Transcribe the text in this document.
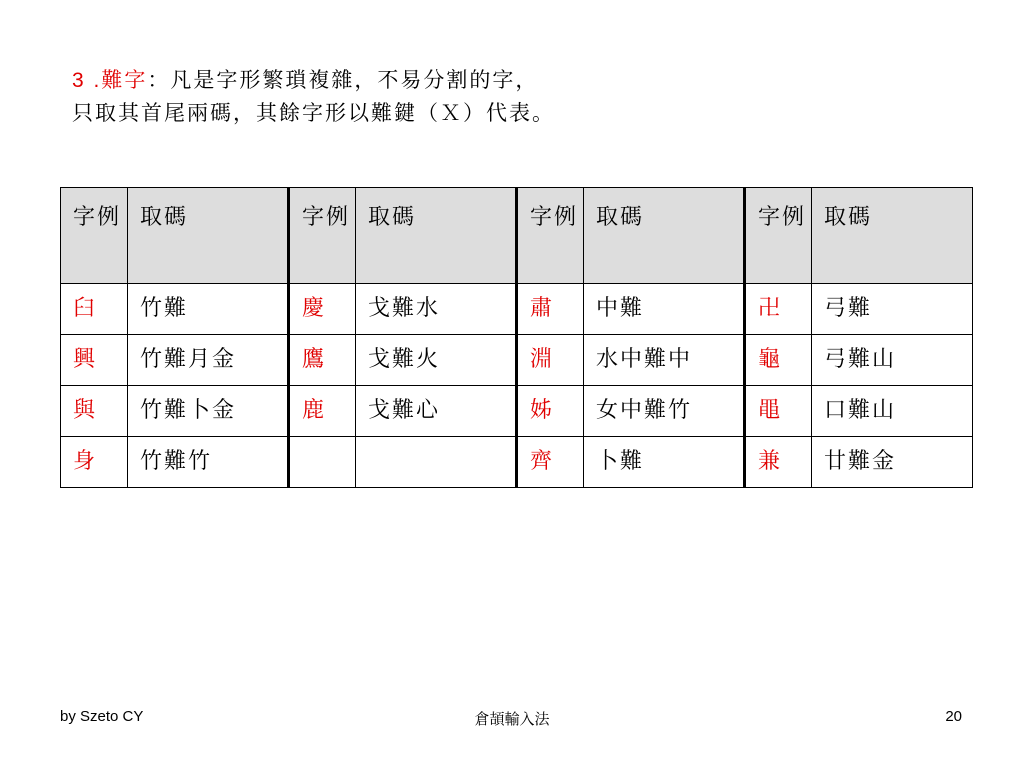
3 .難字：凡是字形繁瑣複雜，不易分割的字，
只取其首尾兩碼，其餘字形以難鍵（Ｘ）代表。
字例	取碼	字例	取碼	字例	取碼	字例	取碼
臼	竹難	慶	戈難水	肅	中難	卍	弓難
興	竹難月金	鷹	戈難火	淵	水中難中	龜	弓難山
與	竹難卜金	鹿	戈難心	姊	女中難竹	黽	口難山
身	竹難竹			齊	卜難	兼	廿難金
by Szeto CY	倉頡輸入法	20
